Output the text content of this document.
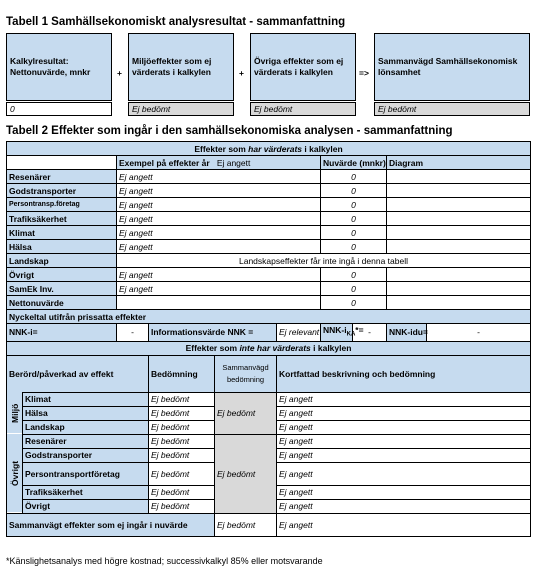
Tabell 1 Samhällsekonomiskt analysresultat - sammanfattning
Kalkylresultat: Nettonuvärde, mnkr
0
+
Miljöeffekter som ej värderats i kalkylen
Ej bedömt
+
Övriga effekter som ej värderats i kalkylen
Ej bedömt
=>
Sammanvägd Samhällsekonomisk lönsamhet
Ej bedömt
Tabell 2 Effekter som ingår i den samhällsekonomiska analysen - sammanfattning
Effekter som har värderats i kalkylen									
		Exempel på effekter år Ej angett				Nuvärde (mnkr)		Diagram	
Resenärer		Ej angett				0			
Godstransporter		Ej angett				0			
Persontransp.företag		Ej angett				0			
Trafiksäkerhet		Ej angett				0			
Klimat		Ej angett				0			
Hälsa		Ej angett				0			
Landskap		Landskapseffekter får inte ingå i denna tabell							
Övrigt		Ej angett				0			
SamEk Inv.		Ej angett				0			
Nettonuvärde						0			
Nyckeltal utifrån prissatta effekter									
NNK-i=		-	Informationsvärde NNK =		Ej relevant	NNK-$i_{KA}*=$	-	NNK-idu=	-
Effekter som inte har värderats i kalkylen									
Berörd/påverkad av effekt			Bedömning	Sammanvägd bedömning	Kortfattad beskrivning och bedömning				
Miljö	Klimat		Ej bedömt	Ej bedömt	Ej angett				
	Hälsa		Ej bedömt		Ej angett				
	Landskap		Ej bedömt		Ej angett				
Övrigt	Resenärer		Ej bedömt	Ej bedömt	Ej angett				
	Godstransporter		Ej bedömt		Ej angett				
	Persontransportföretag		Ej bedömt		Ej angett				
	Trafiksäkerhet		Ej bedömt		Ej angett				
	Övrigt		Ej bedömt		Ej angett				
Sammanvägt effekter som ej ingår i nuvärde				Ej bedömt	Ej angett				
*Känslighetsanalys med högre kostnad; successivkalkyl 85% eller motsvarande
